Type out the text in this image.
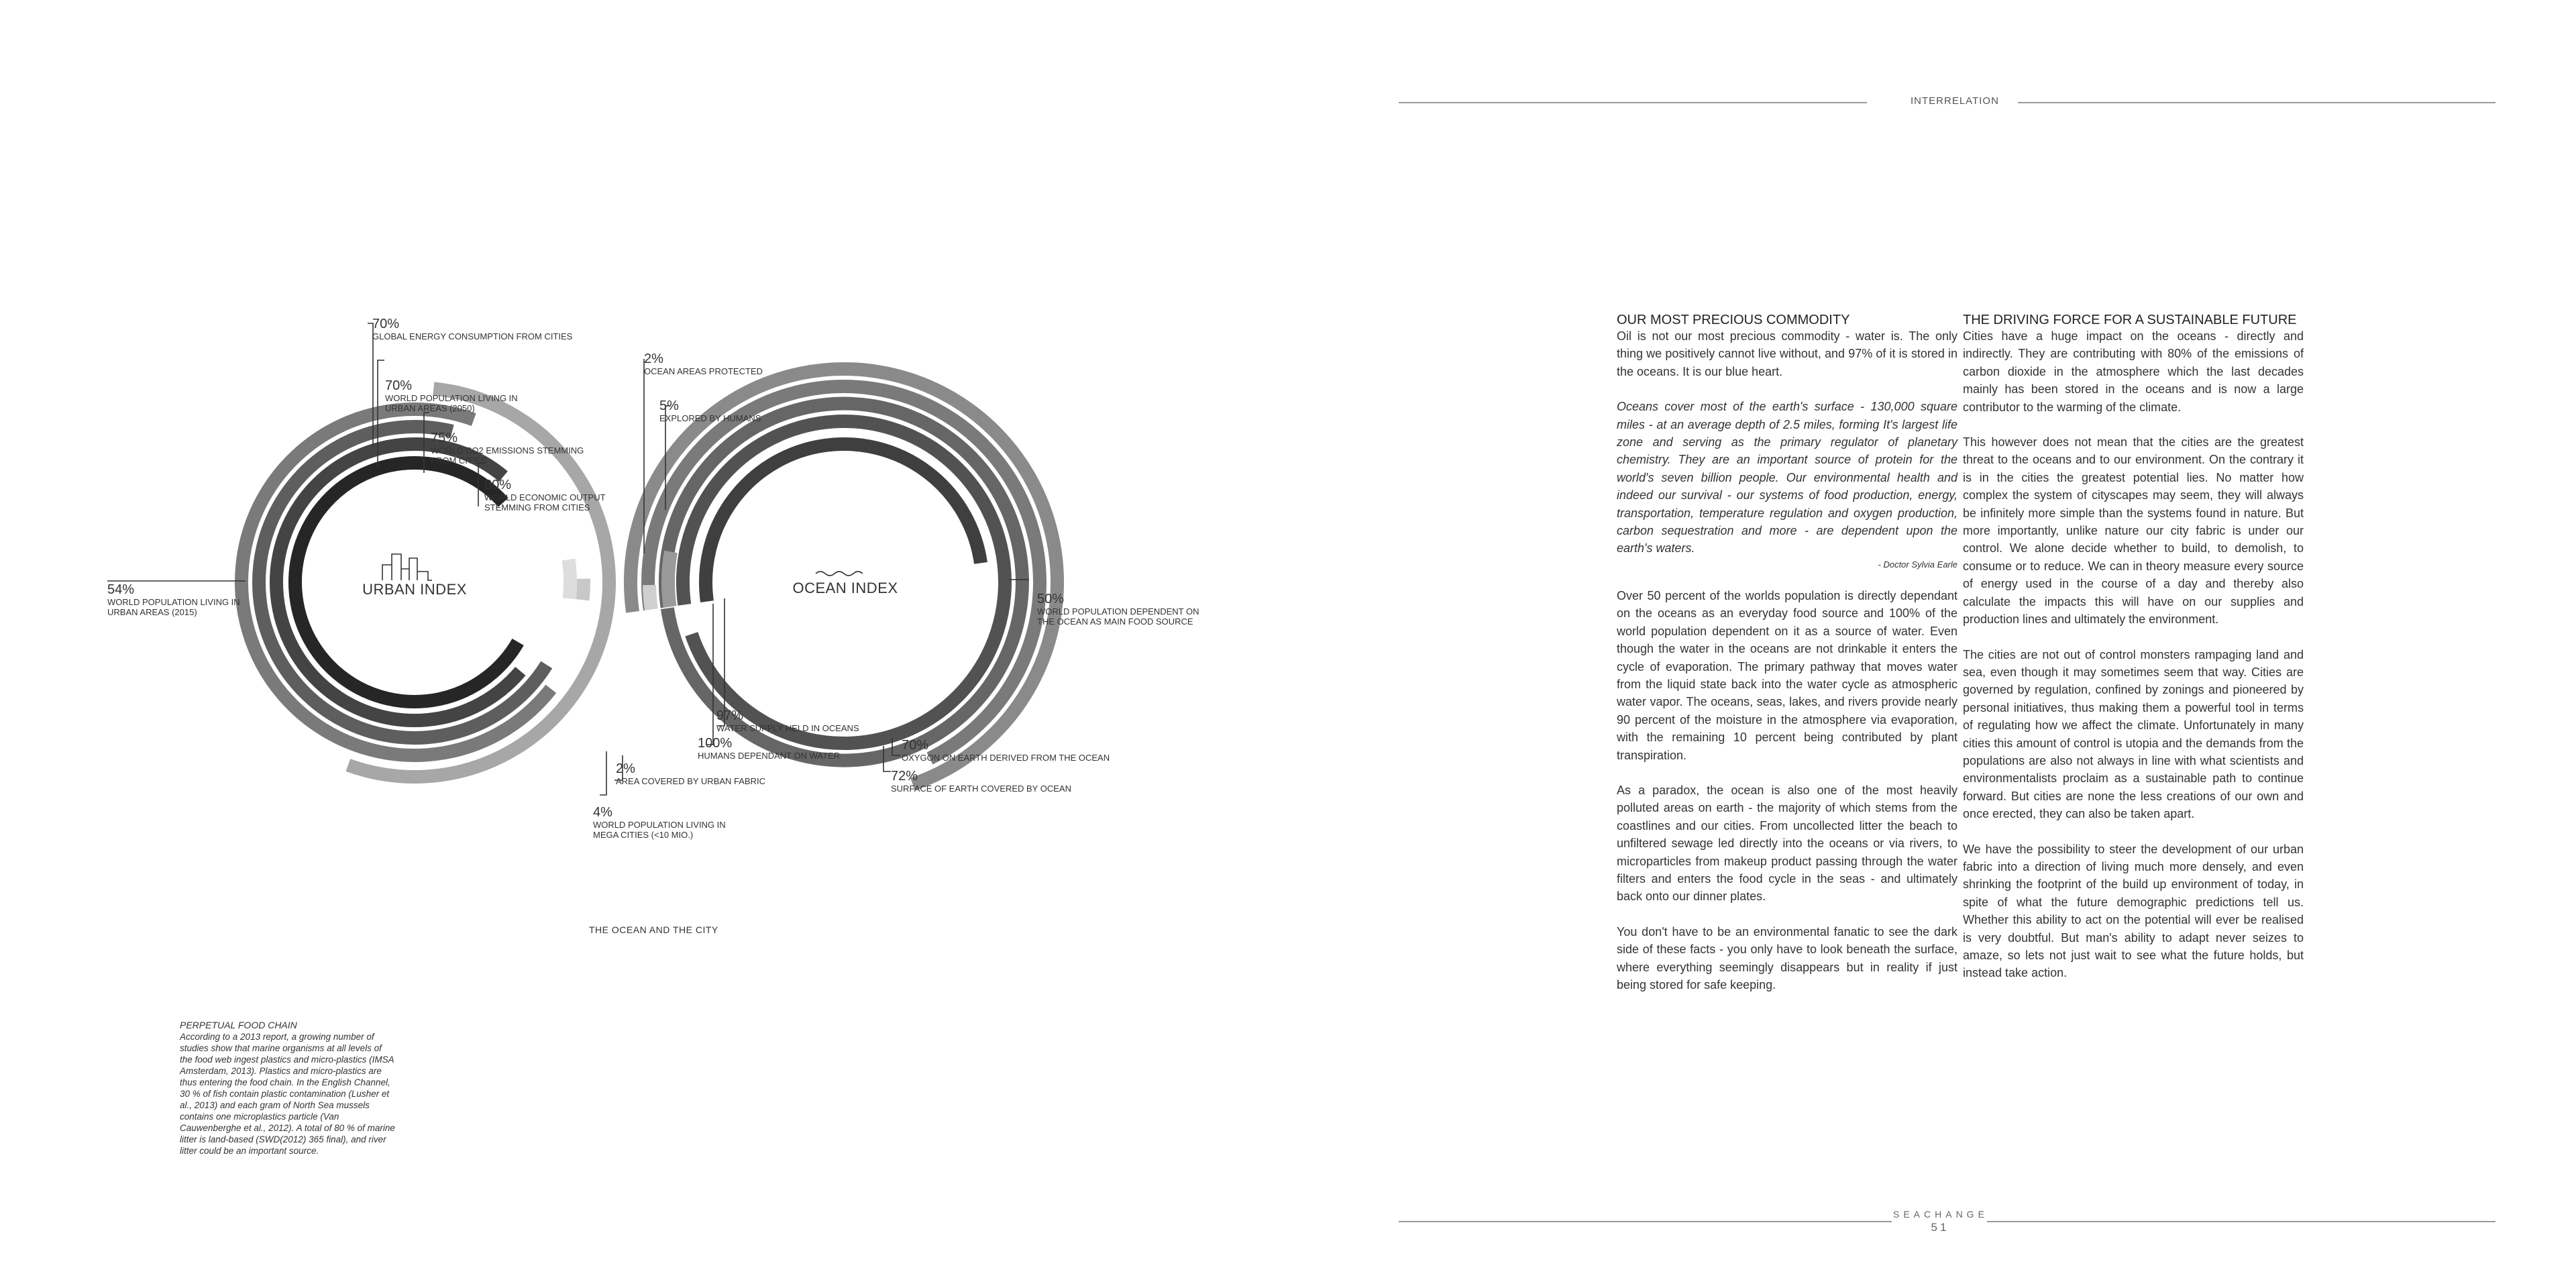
INTERRELATION
URBAN INDEX	OCEAN INDEX
70%
GLOBAL ENERGY CONSUMPTION FROM CITIES

70%
WORLD POPULATION LIVING IN
URBAN AREAS (2050)

75%
WORLD CO2 EMISSIONS STEMMING
FROM CITIES

80%
WORLD ECONOMIC OUTPUT
STEMMING FROM CITIES

54%
WORLD POPULATION LIVING IN
URBAN AREAS (2015)

2%
AREA COVERED BY URBAN FABRIC

4%
WORLD POPULATION LIVING IN
MEGA CITIES (<10 MIO.)

2%
OCEAN AREAS PROTECTED
5%
EXPLORED BY HUMANS

50%
WORLD POPULATION DEPENDENT ON
THE OCEAN AS MAIN FOOD SOURCE

97%
WATER SUPPLY HELD IN OCEANS
100%
HUMANS DEPENDANT ON WATER
70%
OXYGON ON EARTH DERIVED FROM THE OCEAN
72%
SURFACE OF EARTH COVERED BY OCEAN
THE OCEAN AND THE CITY
PERPETUAL FOOD CHAIN
According to a 2013 report, a growing number of studies show that marine organisms at all levels of the food web ingest plastics and micro-plastics (IMSA Amsterdam, 2013). Plastics and micro-plastics are thus entering the food chain. In the English Channel, 30 % of fish contain plastic contamination (Lusher et al., 2013) and each gram of North Sea mussels contains one microplastics particle (Van Cauwenberghe et al., 2012). A total of 80 % of marine litter is land-based (SWD(2012) 365 final), and river litter could be an important source.
OUR MOST PRECIOUS COMMODITY

Oil is not our most precious commodity - water is. The only thing we positively cannot live without, and 97% of it is stored in the oceans. It is our blue heart.

Oceans cover most of the earth's surface - 130,000 square miles - at an average depth of 2.5 miles, forming It's largest life zone and serving as the primary regulator of planetary chemistry. They are an important source of protein for the world's seven billion people. Our environmental health and indeed our survival - our systems of food production, energy, transportation, temperature regulation and oxygen production, carbon sequestration and more - are dependent upon the earth's waters.

- Doctor Sylvia Earle

Over 50 percent of the worlds population is directly dependant on the oceans as an everyday food source and 100% of the world population dependent on it as a source of water. Even though the water in the oceans are not drinkable it enters the cycle of evaporation. The primary pathway that moves water from the liquid state back into the water cycle as atmospheric water vapor. The oceans, seas, lakes, and rivers provide nearly 90 percent of the moisture in the atmosphere via evaporation, with the remaining 10 percent being contributed by plant transpiration.

As a paradox, the ocean is also one of the most heavily polluted areas on earth - the majority of which stems from the coastlines and our cities. From uncollected litter the beach to unfiltered sewage led directly into the oceans or via rivers, to microparticles from makeup product passing through the water filters and enters the food cycle in the seas - and ultimately back onto our dinner plates.

You don't have to be an environmental fanatic to see the dark side of these facts - you only have to look beneath the surface, where everything seemingly disappears but in reality if just being stored for safe keeping.

THE DRIVING FORCE FOR A SUSTAINABLE FUTURE

Cities have a huge impact on the oceans - directly and indirectly. They are contributing with 80% of the emissions of carbon dioxide in the atmosphere which the last decades mainly has been stored in the oceans and is now a large contributor to the warming of the climate.

This however does not mean that the cities are the greatest threat to the oceans and to our environment. On the contrary it is in the cities the greatest potential lies. No matter how complex the system of cityscapes may seem, they will always be infinitely more simple than the systems found in nature. But more importantly, unlike nature our city fabric is under our control. We alone decide whether to build, to demolish, to consume or to reduce. We can in theory measure every source of energy used in the course of a day and thereby also calculate the impacts this will have on our supplies and production lines and ultimately the environment.

The cities are not out of control monsters rampaging land and sea, even though it may sometimes seem that way. Cities are governed by regulation, confined by zonings and pioneered by personal initiatives, thus making them a powerful tool in terms of regulating how we affect the climate. Unfortunately in many cities this amount of control is utopia and the demands from the populations are also not always in line with what scientists and environmentalists proclaim as a sustainable path to continue forward. But cities are none the less creations of our own and once erected, they can also be taken apart.

We have the possibility to steer the development of our urban fabric into a direction of living much more densely, and even shrinking the footprint of the build up environment of today, in spite of what the future demographic predictions tell us. Whether this ability to act on the potential will ever be realised is very doubtful. But man's ability to adapt never seizes to amaze, so lets not just wait to see what the future holds, but instead take action.

SEACHANGE
51
